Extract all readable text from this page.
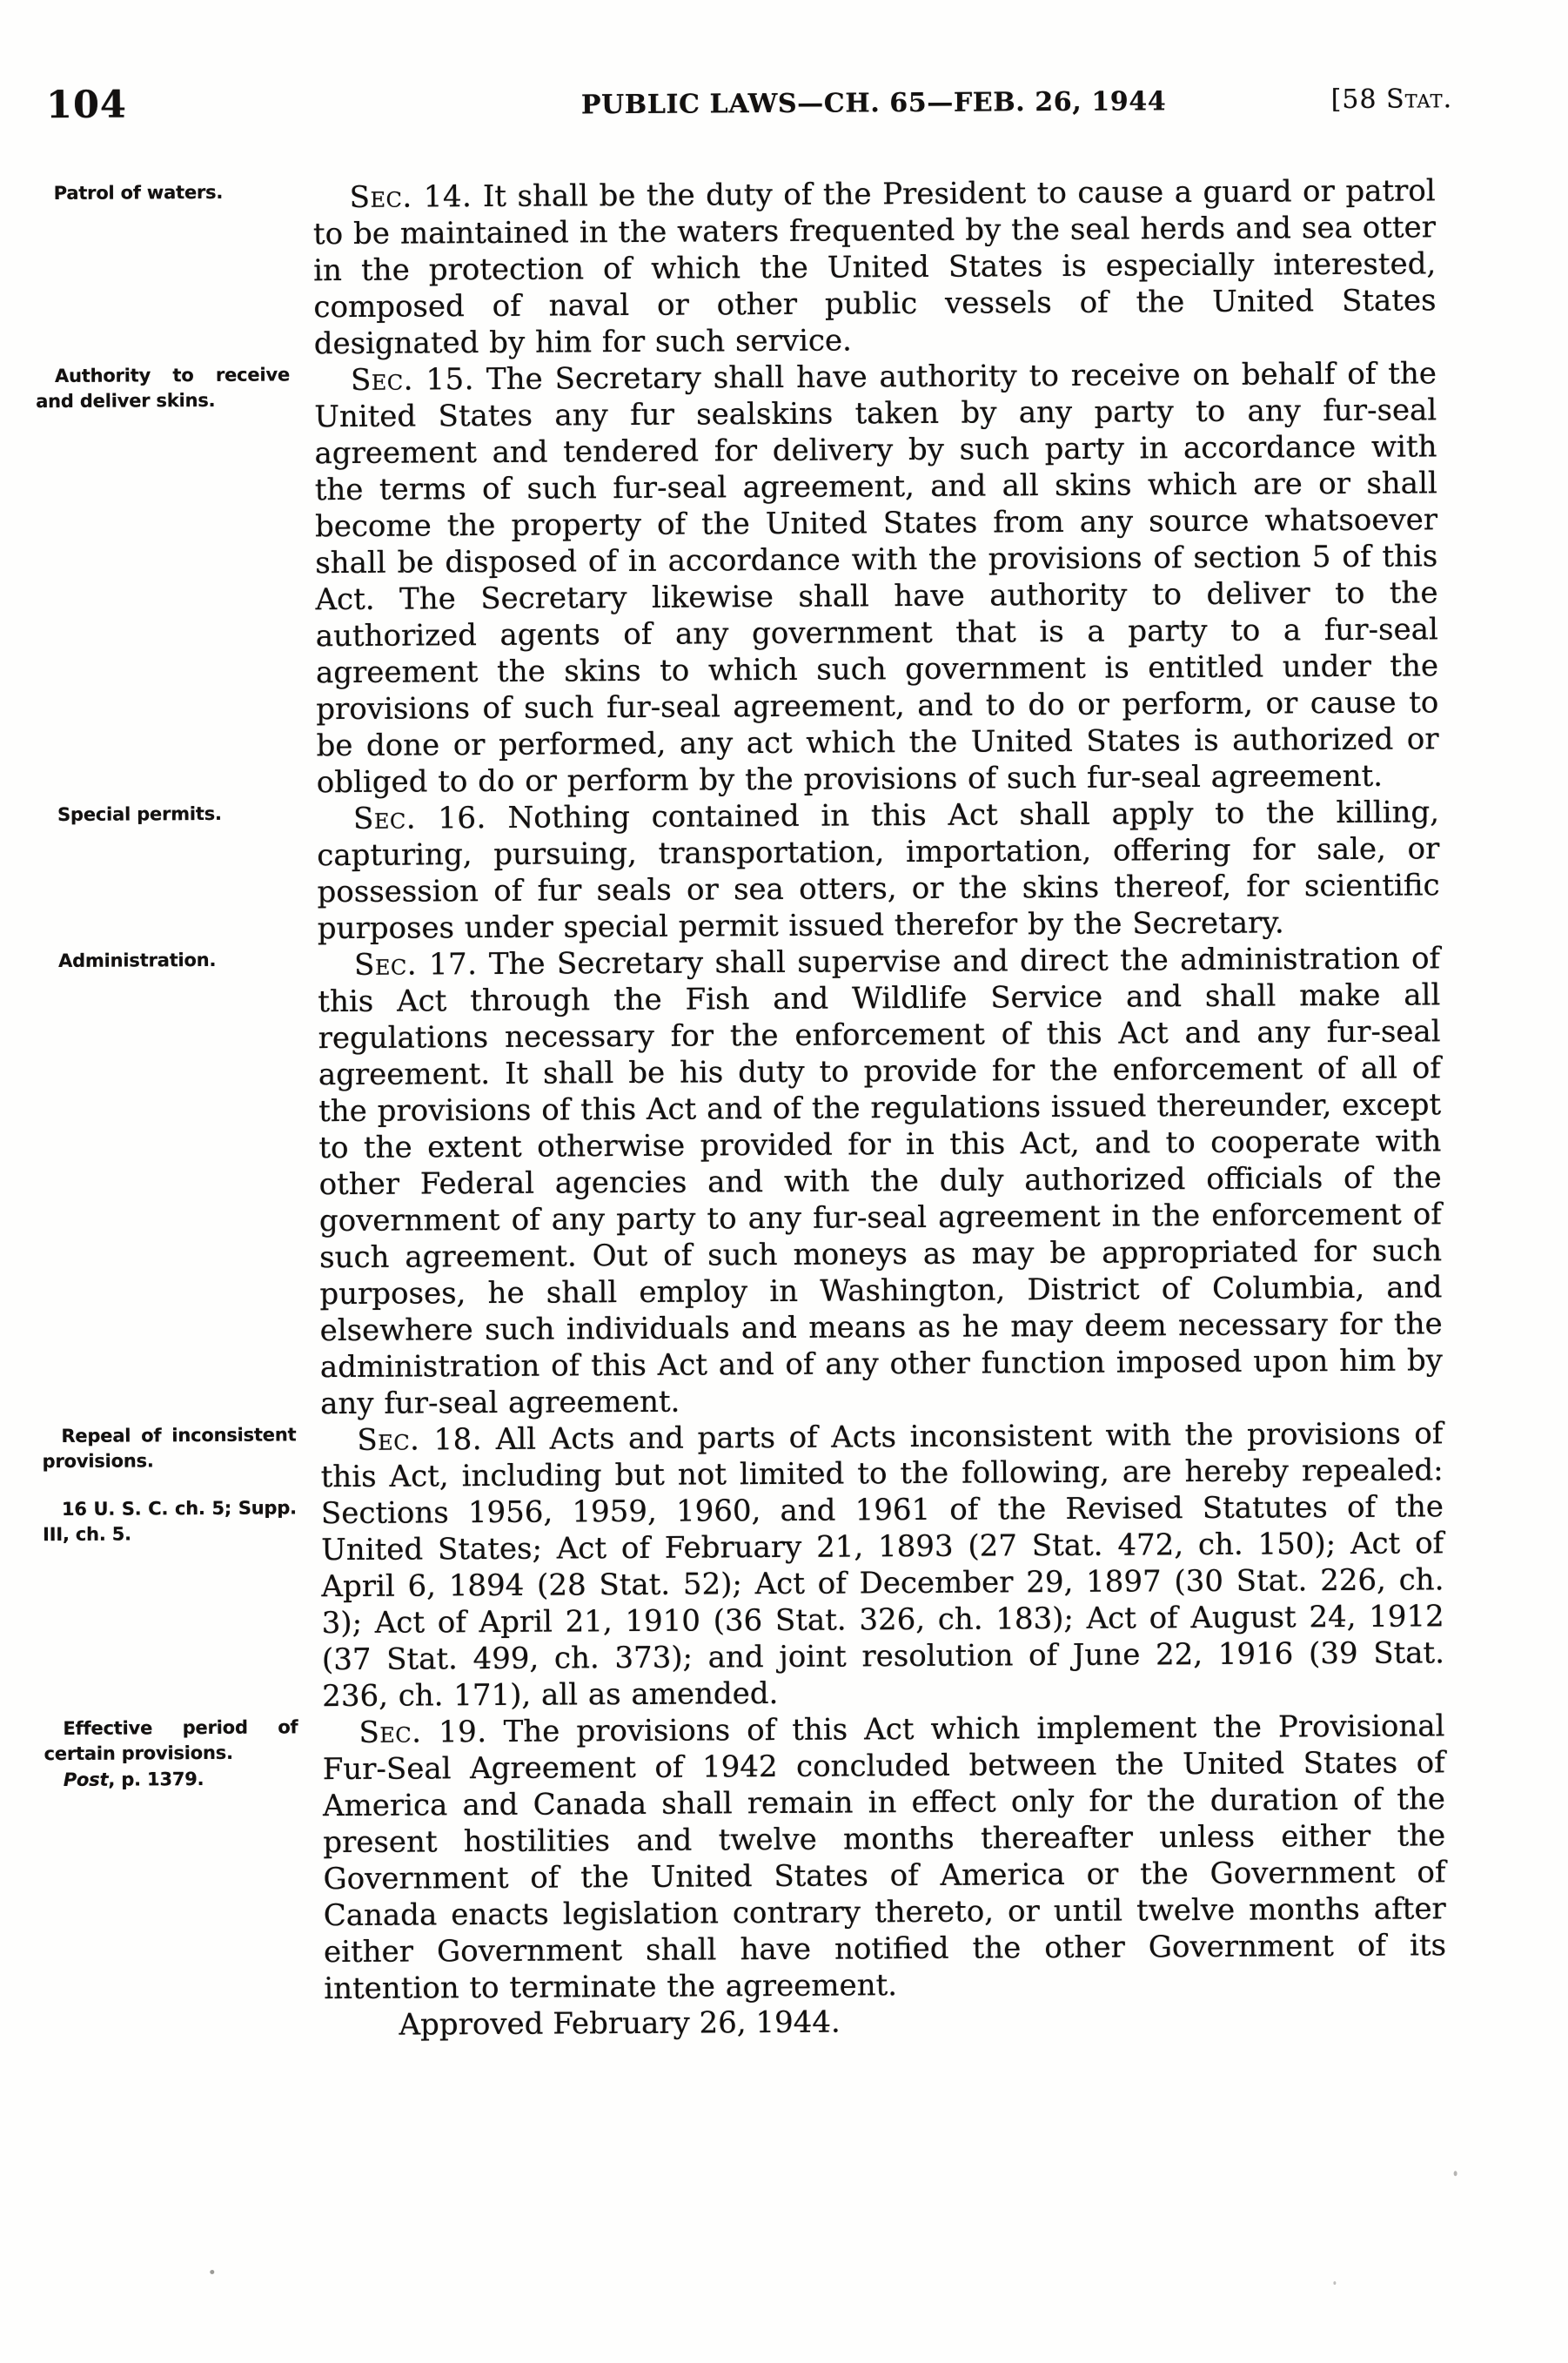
104	PUBLIC LAWS—CH. 65—FEB. 26, 1944	[58 Stat.
Patrol of waters.	Sec. 14. It shall be the duty of the President to cause a guard or patrol to be maintained in the waters frequented by the seal herds and sea otter in the protection of which the United States is especially interested, composed of naval or other public vessels of the United States designated by him for such service.

Authority to receive and deliver skins.

Sec. 15. The Secretary shall have authority to receive on behalf of the United States any fur sealskins taken by any party to any fur-seal agreement and tendered for delivery by such party in accordance with the terms of such fur-seal agreement, and all skins which are or shall become the property of the United States from any source whatsoever shall be disposed of in accordance with the provisions of section 5 of this Act. The Secretary likewise shall have authority to deliver to the authorized agents of any government that is a party to a fur-seal agreement the skins to which such government is entitled under the provisions of such fur-seal agreement, and to do or perform, or cause to be done or performed, any act which the United States is authorized or obliged to do or perform by the provisions of such fur-seal agreement.

Special permits.	Sec. 16. Nothing contained in this Act shall apply to the killing, capturing, pursuing, transportation, importation, offering for sale, or possession of fur seals or sea otters, or the skins thereof, for scientific purposes under special permit issued therefor by the Secretary.

Administration.	Sec. 17. The Secretary shall supervise and direct the administration of this Act through the Fish and Wildlife Service and shall make all regulations necessary for the enforcement of this Act and any fur-seal agreement. It shall be his duty to provide for the enforcement of all of the provisions of this Act and of the regulations issued thereunder, except to the extent otherwise provided for in this Act, and to cooperate with other Federal agencies and with the duly authorized officials of the government of any party to any fur-seal agreement in the enforcement of such agreement. Out of such moneys as may be appropriated for such purposes, he shall employ in Washington, District of Columbia, and elsewhere such individuals and means as he may deem necessary for the administration of this Act and of any other function imposed upon him by any fur-seal agreement.

Repeal of inconsistent provisions.
16 U. S. C. ch. 5; Supp. III, ch. 5.

Sec. 18. All Acts and parts of Acts inconsistent with the provisions of this Act, including but not limited to the following, are hereby repealed: Sections 1956, 1959, 1960, and 1961 of the Revised Statutes of the United States; Act of February 21, 1893 (27 Stat. 472, ch. 150); Act of April 6, 1894 (28 Stat. 52); Act of December 29, 1897 (30 Stat. 226, ch. 3); Act of April 21, 1910 (36 Stat. 326, ch. 183); Act of August 24, 1912 (37 Stat. 499, ch. 373); and joint resolution of June 22, 1916 (39 Stat. 236, ch. 171), all as amended.

Effective period of certain provisions.
Post, p. 1379.

Sec. 19. The provisions of this Act which implement the Provisional Fur-Seal Agreement of 1942 concluded between the United States of America and Canada shall remain in effect only for the duration of the present hostilities and twelve months thereafter unless either the Government of the United States of America or the Government of Canada enacts legislation contrary thereto, or until twelve months after either Government shall have notified the other Government of its intention to terminate the agreement.

Approved February 26, 1944.
